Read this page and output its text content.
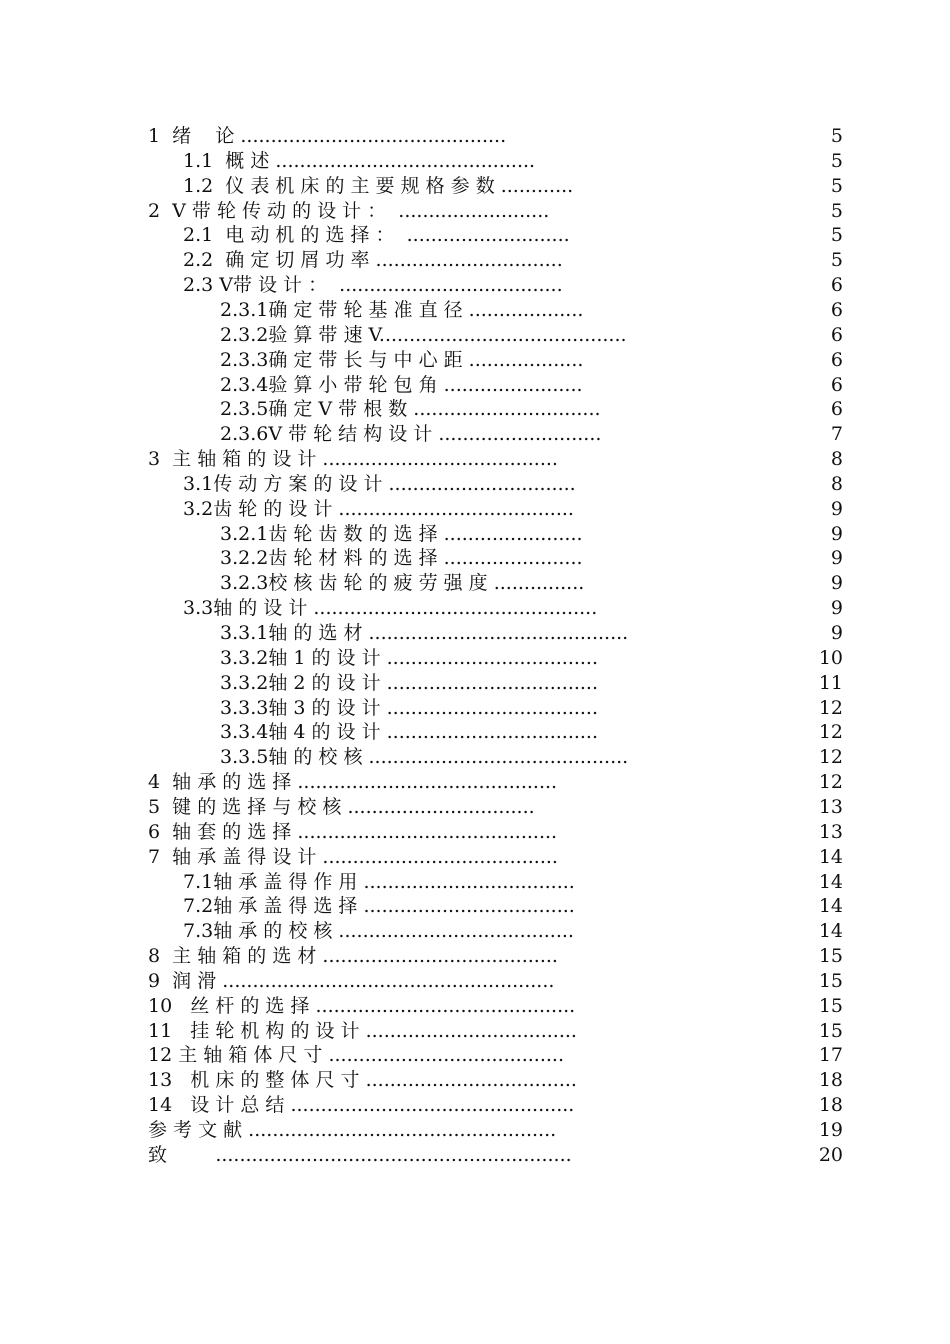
1  绪    论 ............................................	5
1.1  概 述 ...........................................	5
1.2  仪 表 机 床 的 主 要 规 格 参 数 ............	5
2  V 带 轮 传 动 的 设 计 ：  .........................	5
2.1  电 动 机 的 选 择 ：  ...........................	5
2.2  确 定 切 屑 功 率 ...............................	5
2.3 V带 设 计 ：  .....................................	6
2.3.1确 定 带 轮 基 准 直 径 ...................	6
2.3.2验 算 带 速 V.........................................	6
2.3.3确 定 带 长 与 中 心 距 ...................	6
2.3.4验 算 小 带 轮 包 角 .......................	6
2.3.5确 定 V 带 根 数 ...............................	6
2.3.6V 带 轮 结 构 设 计 ...........................	7
3  主 轴 箱 的 设 计 .......................................	8
3.1传 动 方 案 的 设 计 ...............................	8
3.2齿 轮 的 设 计 .......................................	9
3.2.1齿 轮 齿 数 的 选 择 .......................	9
3.2.2齿 轮 材 料 的 选 择 .......................	9
3.2.3校 核 齿 轮 的 疲 劳 强 度 ...............	9
3.3轴 的 设 计 ...............................................	9
3.3.1轴 的 选 材 ...........................................	9
3.3.2轴 1 的 设 计 ...................................	10
3.3.2轴 2 的 设 计 ...................................	11
3.3.3轴 3 的 设 计 ...................................	12
3.3.4轴 4 的 设 计 ...................................	12
3.3.5轴 的 校 核 ...........................................	12
4  轴 承 的 选 择 ...........................................	12
5  键 的 选 择 与 校 核 ...............................	13
6  轴 套 的 选 择 ...........................................	13
7  轴 承 盖 得 设 计 .......................................	14
7.1轴 承 盖 得 作 用 ...................................	14
7.2轴 承 盖 得 选 择 ...................................	14
7.3轴 承 的 校 核 .......................................	14
8  主 轴 箱 的 选 材 .......................................	15
9  润 滑 .......................................................	15
10   丝 杆 的 选 择 ...........................................	15
11   挂 轮 机 构 的 设 计 ...................................	15
12 主 轴 箱 体 尺 寸 .......................................	17
13   机 床 的 整 体 尺 寸 ...................................	18
14   设 计 总 结 ...............................................	18
参 考 文 献 ...................................................	19
致        ...........................................................	20
